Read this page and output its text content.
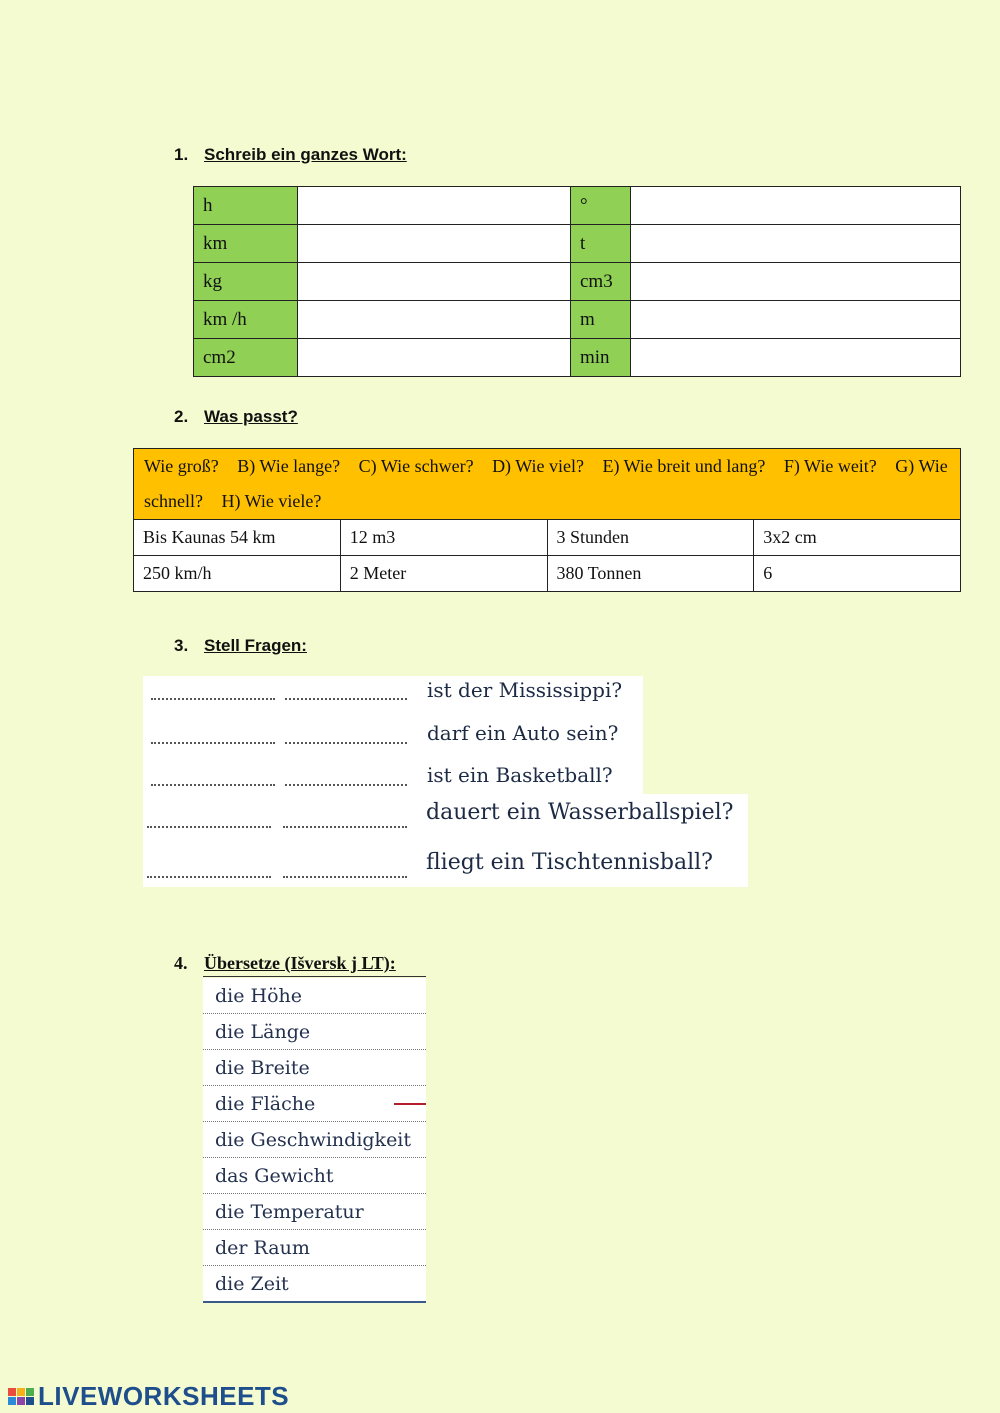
1. Schreib ein ganzes Wort:
h		°	
km		t	
kg		cm3	
km /h		m	
cm2		min	
2. Was passt?
Wie groß? B) Wie lange? C) Wie schwer? D) Wie viel? E) Wie breit und lang? F) Wie weit? G) Wie schnell? H) Wie viele?			
Bis Kaunas 54 km	12 m3	3 Stunden	3x2 cm
250 km/h	2 Meter	380 Tonnen	6
3. Stell Fragen:
ist der Mississippi?
darf ein Auto sein?
ist ein Basketball?
dauert ein Wasserballspiel?
fliegt ein Tischtennisball?
4. Übersetze (Išversk j LT):
die Höhe
die Länge
die Breite
die Fläche
die Geschwindigkeit
das Gewicht
die Temperatur
der Raum
die Zeit
LIVEWORKSHEETS
